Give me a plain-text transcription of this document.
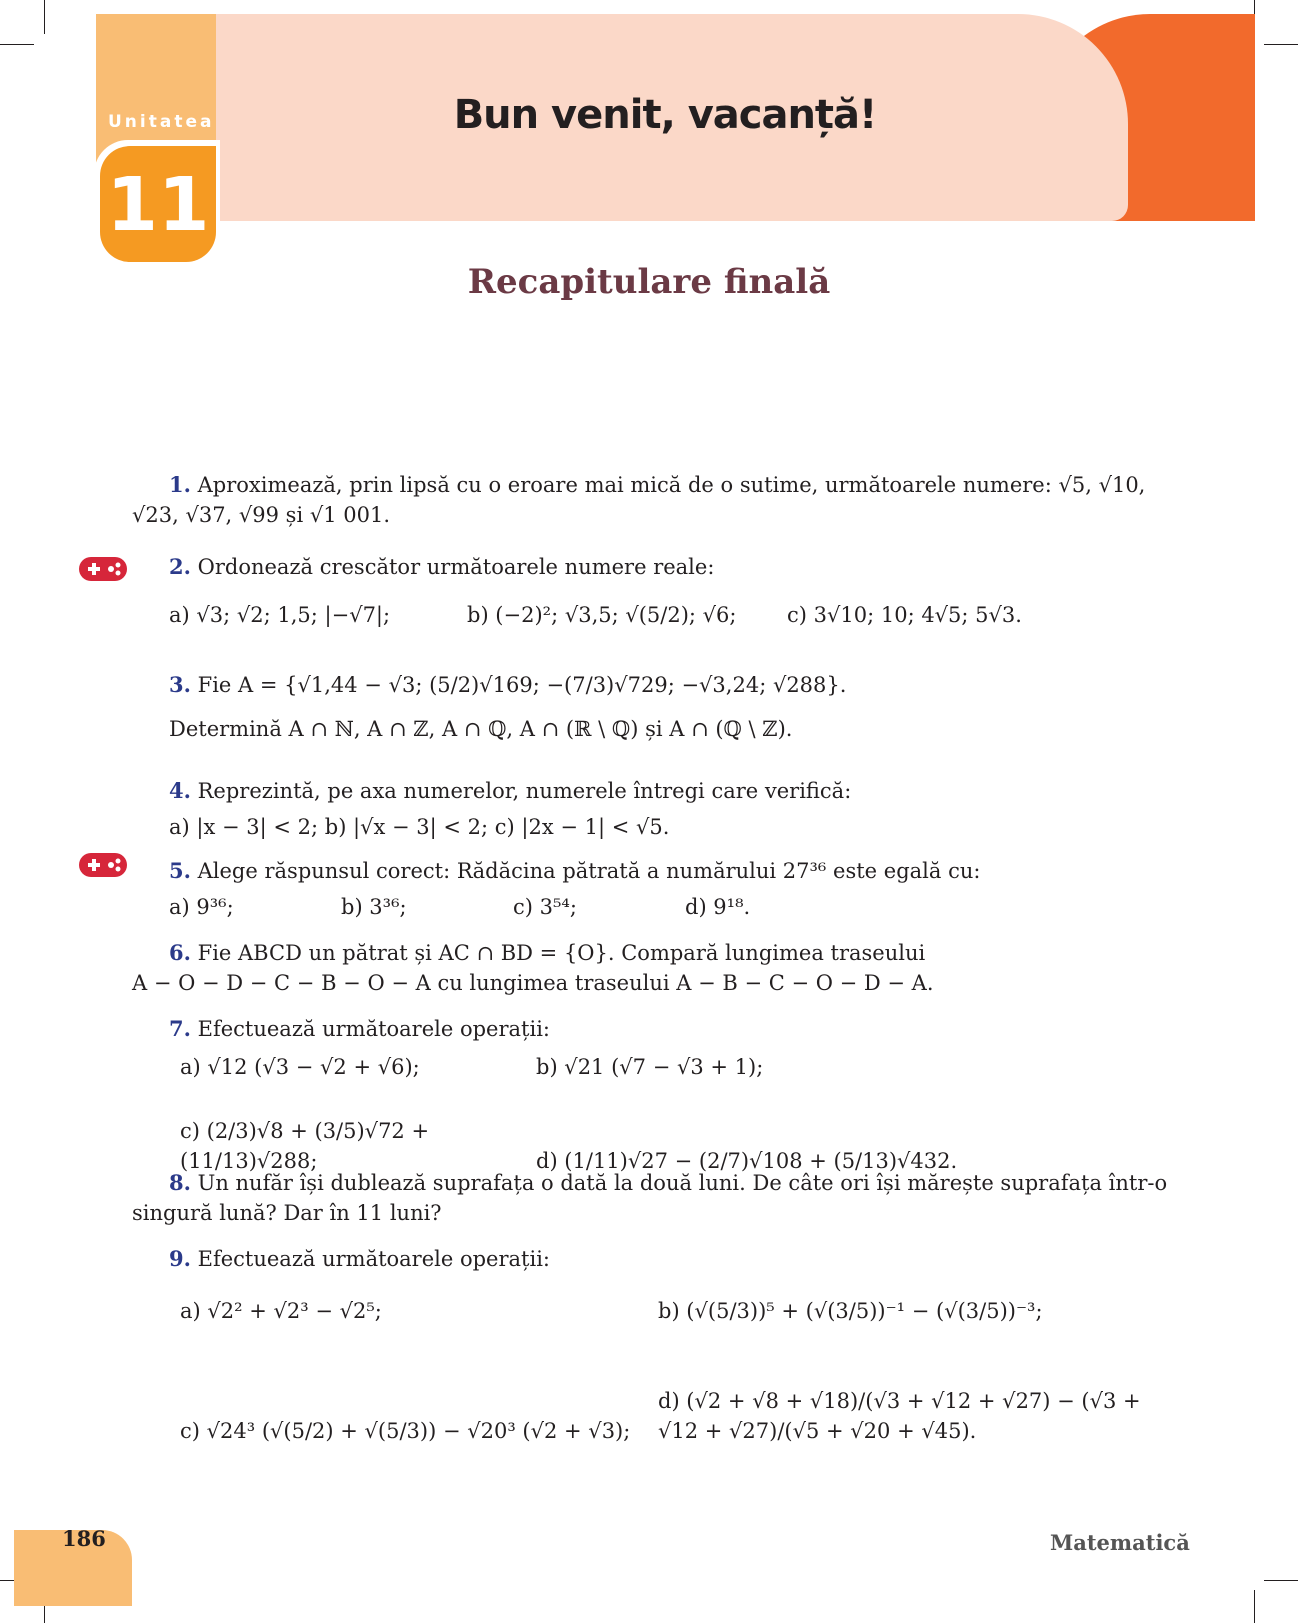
Unitatea
11
Bun venit, vacanță!
Recapitulare finală
1. Aproximează, prin lipsă cu o eroare mai mică de o sutime, următoarele numere: √5, √10,
√23, √37, √99 și √1 001.
2. Ordonează crescător următoarele numere reale:
a) √3; √2; 1,5; |−√7|;	b) (−2)²; √3,5; √(5/2); √6; c) 3√10; 10; 4√5; 5√3.
3. Fie A = {√1,44 − √3; (5/2)√169; −(7/3)√729; −√3,24; √288}.
Determină A ∩ ℕ, A ∩ ℤ, A ∩ ℚ, A ∩ (ℝ \ ℚ) și A ∩ (ℚ \ ℤ).
4. Reprezintă, pe axa numerelor, numerele întregi care verifică:
a) |x − 3| < 2; b) |√x − 3| < 2; c) |2x − 1| < √5.
5. Alege răspunsul corect: Rădăcina pătrată a numărului 27³⁶ este egală cu:
a) 9³⁶;	b) 3³⁶;	c) 3⁵⁴;	d) 9¹⁸.
6. Fie ABCD un pătrat și AC ∩ BD = {O}. Compară lungimea traseului
A − O − D − C − B − O − A cu lungimea traseului A − B − C − O − D − A.
7. Efectuează următoarele operații:
a) √12 (√3 − √2 + √6);	b) √21 (√7 − √3 + 1);
c) (2/3)√8 + (3/5)√72 + (11/13)√288;	d) (1/11)√27 − (2/7)√108 + (5/13)√432.
8. Un nufăr își dublează suprafața o dată la două luni. De câte ori își mărește suprafața într-o
singură lună? Dar în 11 luni?
9. Efectuează următoarele operații:
a) √2² + √2³ − √2⁵;	b) (√(5/3))⁵ + (√(3/5))⁻¹ − (√(3/5))⁻³;
c) √24³ (√(5/2) + √(5/3)) − √20³ (√2 + √3);d) (√2 + √8 + √18)/(√3 + √12 + √27) − (√3 + √12 + √27)/(√5 + √20 + √45).
186	Matematică
